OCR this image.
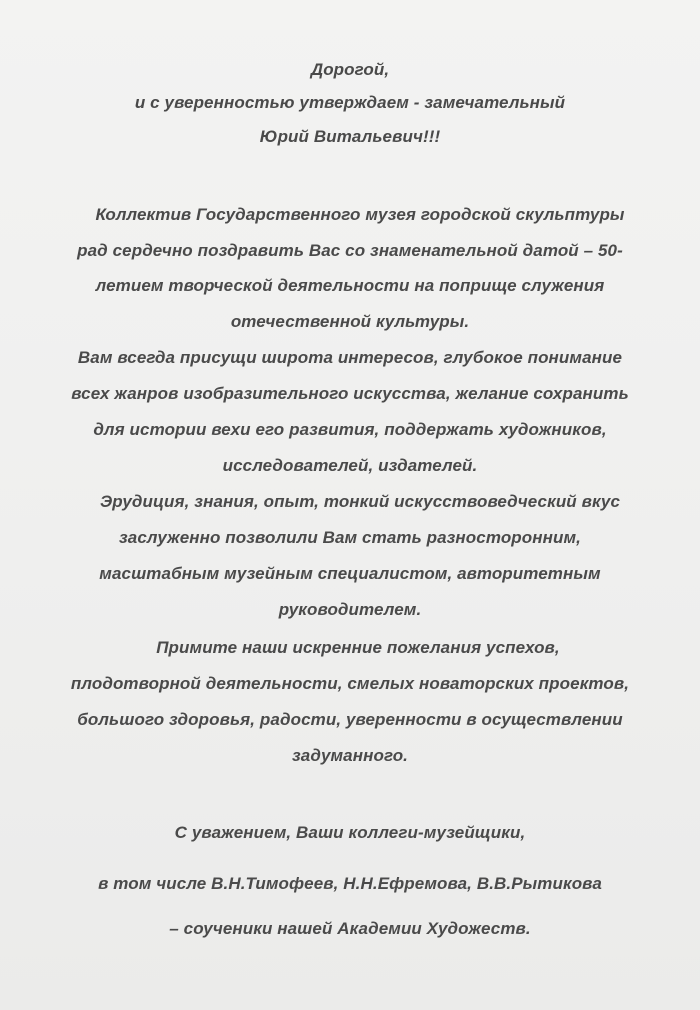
Дорогой,
и с уверенностью утверждаем - замечательный
Юрий Витальевич!!!
Коллектив Государственного музея городской скульптуры
рад сердечно поздравить Вас со знаменательной датой – 50-
летием творческой деятельности на поприще служения
отечественной культуры.
Вам всегда присущи широта интересов, глубокое понимание
всех жанров изобразительного искусства, желание сохранить
для истории вехи его развития, поддержать художников,
исследователей, издателей.
Эрудиция, знания, опыт, тонкий искусствоведческий вкус
заслуженно позволили Вам стать разносторонним,
масштабным музейным специалистом, авторитетным
руководителем.
Примите наши искренние пожелания успехов,
плодотворной деятельности, смелых новаторских проектов,
большого здоровья, радости, уверенности в осуществлении
задуманного.
С уважением, Ваши коллеги-музейщики,
в том числе В.Н.Тимофеев, Н.Н.Ефремова, В.В.Рытикова
– соученики нашей Академии Художеств.
